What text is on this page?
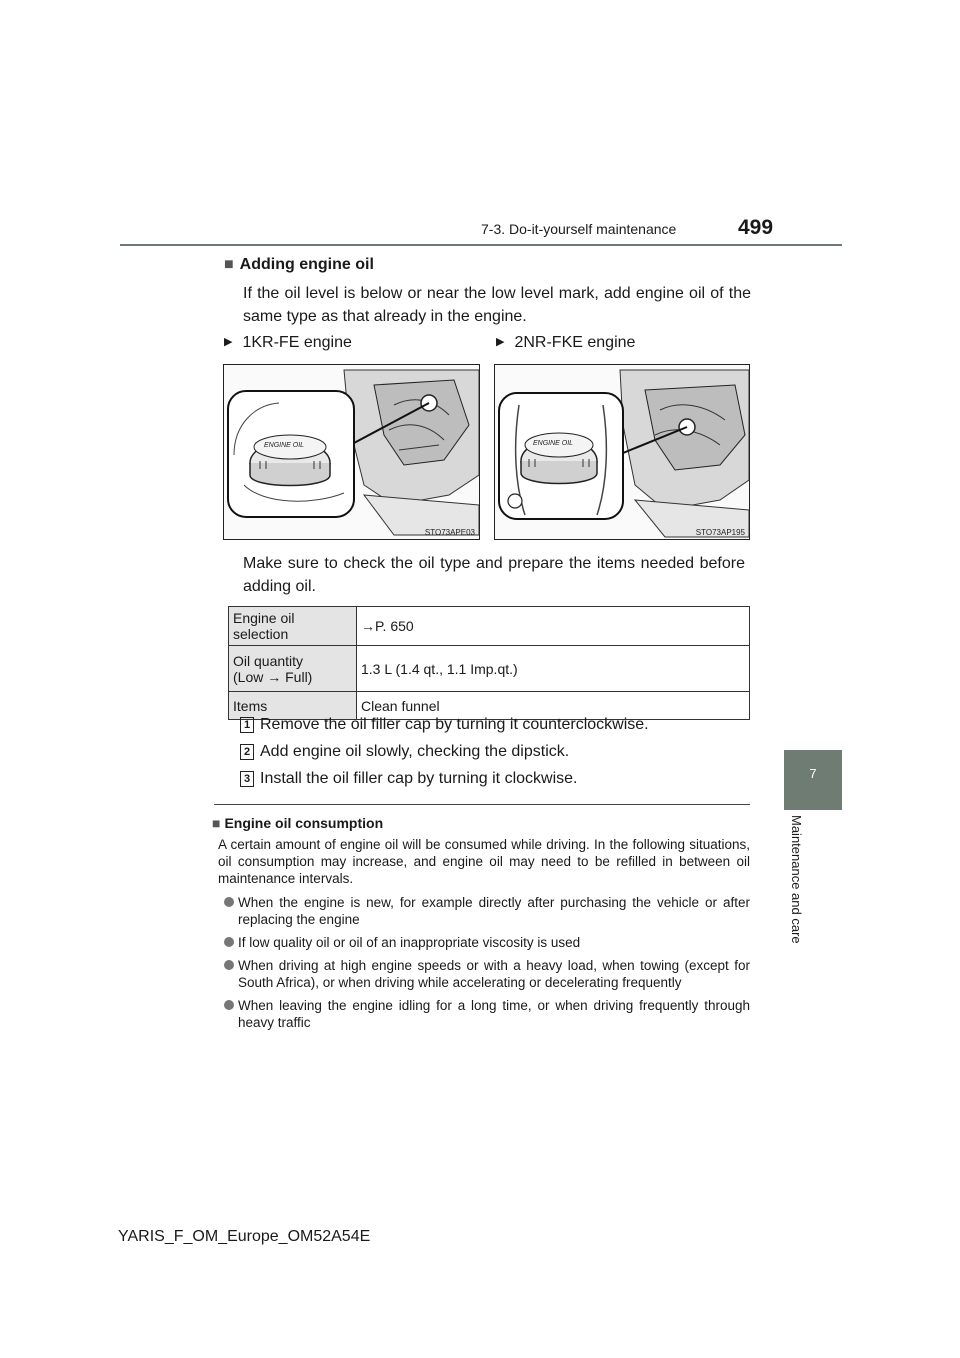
7-3. Do-it-yourself maintenance	499
7
Maintenance and care
■ Adding engine oil
If the oil level is below or near the low level mark, add engine oil of the same type as that already in the engine.
▶ 1KR-FE engine	▶ 2NR-FKE engine
ENGINE OIL
STO73APE03
ENGINE OIL
STO73AP195
Make sure to check the oil type and prepare the items needed before adding oil.
Engine oil selection	→P. 650
Oil quantity
(Low → Full)	1.3 L (1.4 qt., 1.1 Imp.qt.)
Items	Clean funnel
1 Remove the oil filler cap by turning it counterclockwise.
2 Add engine oil slowly, checking the dipstick.
3 Install the oil filler cap by turning it clockwise.
■ Engine oil consumption
A certain amount of engine oil will be consumed while driving. In the following situations, oil consumption may increase, and engine oil may need to be refilled in between oil maintenance intervals.
When the engine is new, for example directly after purchasing the vehicle or after replacing the engine
If low quality oil or oil of an inappropriate viscosity is used
When driving at high engine speeds or with a heavy load, when towing (except for South Africa), or when driving while accelerating or decelerating frequently
When leaving the engine idling for a long time, or when driving frequently through heavy traffic
YARIS_F_OM_Europe_OM52A54E
